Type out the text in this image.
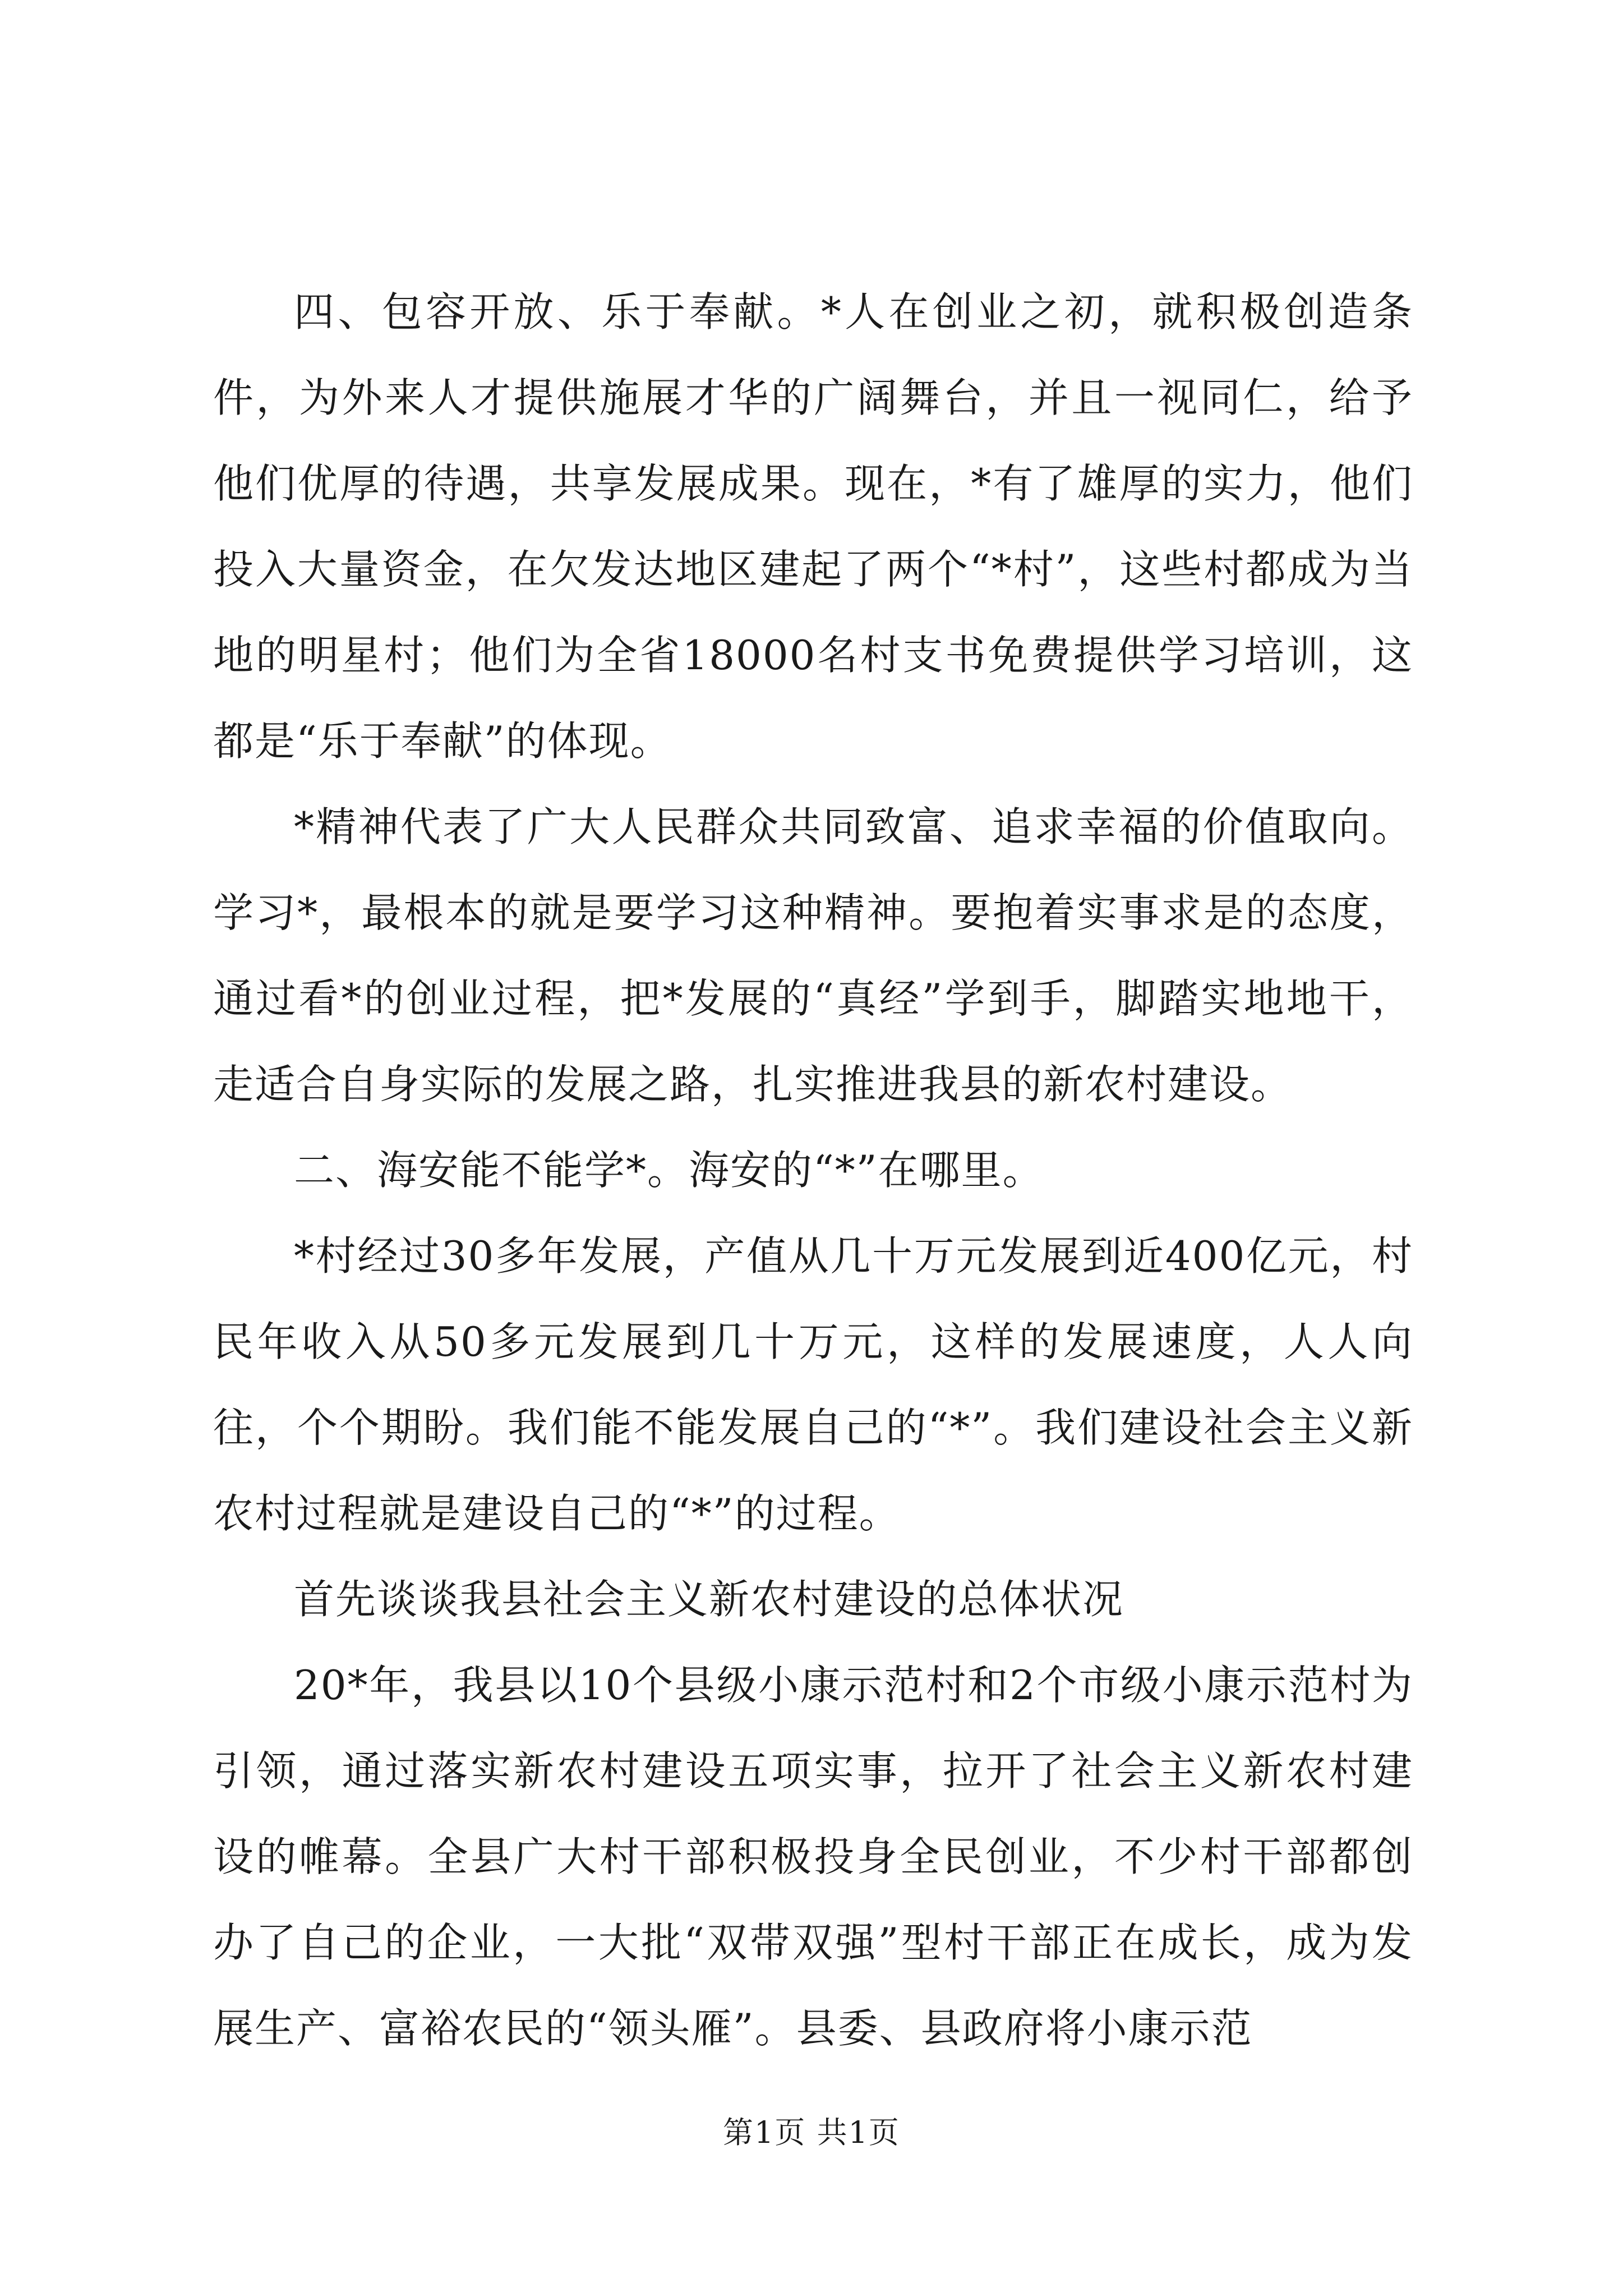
四、包容开放、乐于奉献。*人在创业之初，就积极创造条件，为外来人才提供施展才华的广阔舞台，并且一视同仁，给予他们优厚的待遇，共享发展成果。现在，*有了雄厚的实力，他们投入大量资金，在欠发达地区建起了两个“*村”，这些村都成为当地的明星村；他们为全省18000名村支书免费提供学习培训，这都是“乐于奉献”的体现。

*精神代表了广大人民群众共同致富、追求幸福的价值取向。学习*，最根本的就是要学习这种精神。要抱着实事求是的态度，通过看*的创业过程，把*发展的“真经”学到手，脚踏实地地干，走适合自身实际的发展之路，扎实推进我县的新农村建设。

二、海安能不能学*。海安的“*”在哪里。

*村经过30多年发展，产值从几十万元发展到近400亿元，村民年收入从50多元发展到几十万元，这样的发展速度，人人向往，个个期盼。我们能不能发展自己的“*”。我们建设社会主义新农村过程就是建设自己的“*”的过程。

首先谈谈我县社会主义新农村建设的总体状况

20*年，我县以10个县级小康示范村和2个市级小康示范村为引领，通过落实新农村建设五项实事，拉开了社会主义新农村建设的帷幕。全县广大村干部积极投身全民创业，不少村干部都创办了自己的企业，一大批“双带双强”型村干部正在成长，成为发展生产、富裕农民的“领头雁”。县委、县政府将小康示范

第1页 共1页
